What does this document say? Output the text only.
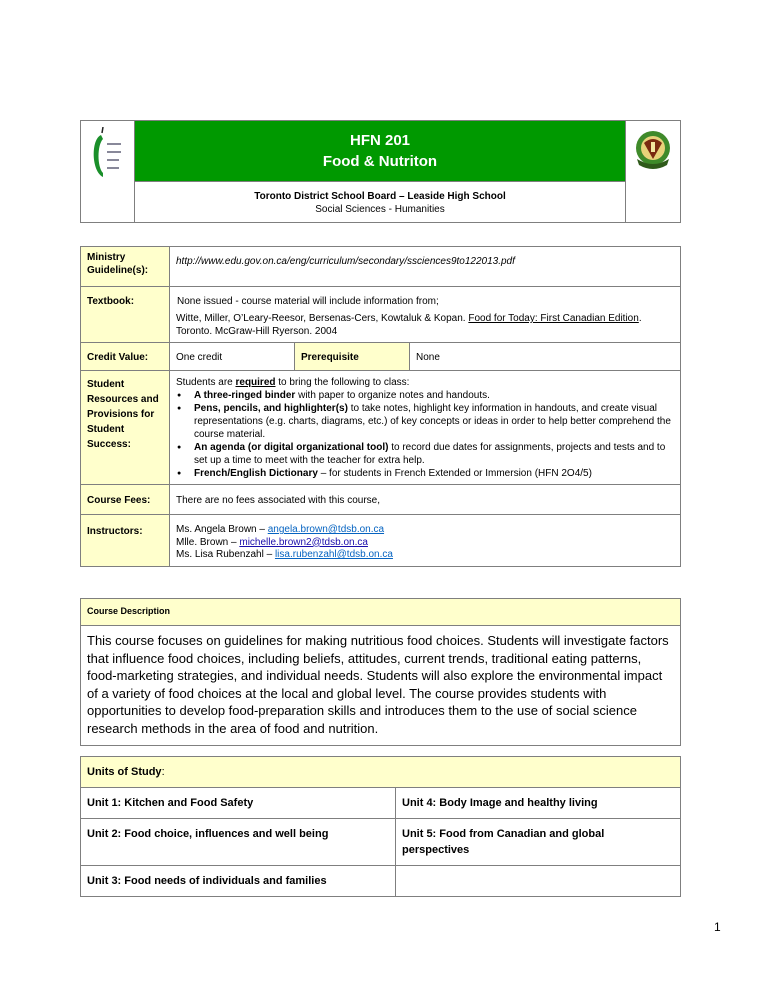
HFN 201
Food & Nutriton

Toronto District School Board – Leaside High School
Social Sciences - Humanities
Ministry Guideline(s):	http://www.edu.gov.on.ca/eng/curriculum/secondary/ssciences9to122013.pdf		
Textbook:	None issued - course material will include information from;
Witte, Miller, O’Leary-Reesor, Bersenas-Cers, Kowtaluk & Kopan. Food for Today: First Canadian Edition.
Toronto. McGraw-Hill Ryerson. 2004		

Credit Value:	One credit	Prerequisite	None
Student Resources and Provisions for Student Success:	
Students are required to bring the following to class:
● A three-ringed binder with paper to organize notes and handouts.
● Pens, pencils, and highlighter(s) to take notes, highlight key information in handouts, and create visual representations (e.g. charts, diagrams, etc.) of key concepts or ideas in order to help better comprehend the course material.
● An agenda (or digital organizational tool) to record due dates for assignments, projects and tests and to set up a time to meet with the teacher for extra help.
● French/English Dictionary – for students in French Extended or Immersion (HFN 2O4/5)

Course Fees:	There are no fees associated with this course,		
Instructors:	Ms. Angela Brown – angela.brown@tdsb.on.ca
Mlle. Brown – michelle.brown2@tdsb.on.ca
Ms. Lisa Rubenzahl – lisa.rubenzahl@tdsb.on.ca		
Course Description
This course focuses on guidelines for making nutritious food choices. Students will investigate factors that influence food choices, including beliefs, attitudes, current trends, traditional eating patterns, food-marketing strategies, and individual needs. Students will also explore the environmental impact of a variety of food choices at the local and global level. The course provides students with opportunities to develop food-preparation skills and introduces them to the use of social science research methods in the area of food and nutrition.
Units of Study:	
Unit 1: Kitchen and Food Safety	Unit 4: Body Image and healthy living
Unit 2: Food choice, influences and well being	Unit 5: Food from Canadian and global perspectives
Unit 3: Food needs of individuals and families	
1
